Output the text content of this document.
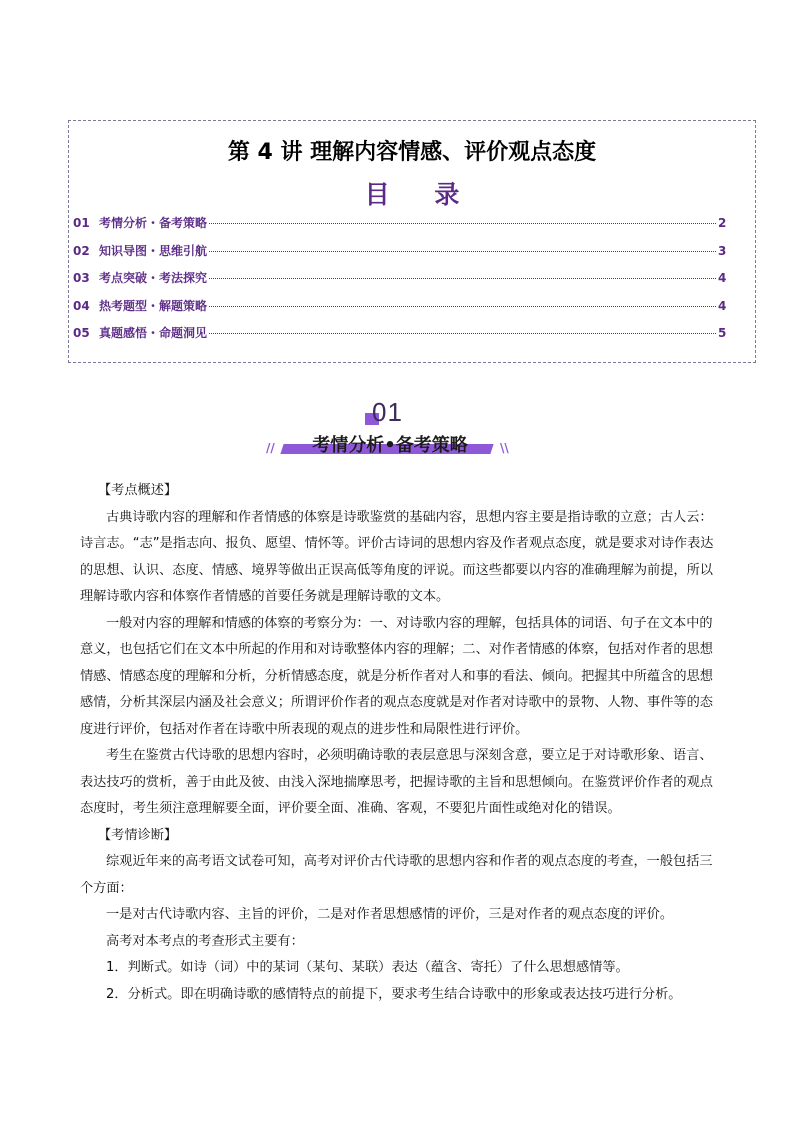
第 4 讲 理解内容情感、评价观点态度
目 录
01 考情分析・备考策略	2
02 知识导图・思维引航	3
03 考点突破・考法探究	4
04 热考题型・解题策略	4
05 真题感悟・命题洞见	5
01
//	考情分析•备考策略	\\

【考点概述】

古典诗歌内容的理解和作者情感的体察是诗歌鉴赏的基础内容，思想内容主要是指诗歌的立意；古人云：诗言志。“志”是指志向、报负、愿望、情怀等。评价古诗词的思想内容及作者观点态度，就是要求对诗作表达的思想、认识、态度、情感、境界等做出正误高低等角度的评说。而这些都要以内容的准确理解为前提，所以理解诗歌内容和体察作者情感的首要任务就是理解诗歌的文本。

一般对内容的理解和情感的体察的考察分为：一、对诗歌内容的理解，包括具体的词语、句子在文本中的意义，也包括它们在文本中所起的作用和对诗歌整体内容的理解；二、对作者情感的体察，包括对作者的思想情感、情感态度的理解和分析，分析情感态度，就是分析作者对人和事的看法、倾向。把握其中所蕴含的思想感情，分析其深层内涵及社会意义；所谓评价作者的观点态度就是对作者对诗歌中的景物、人物、事件等的态度进行评价，包括对作者在诗歌中所表现的观点的进步性和局限性进行评价。

考生在鉴赏古代诗歌的思想内容时，必须明确诗歌的表层意思与深刻含意，要立足于对诗歌形象、语言、表达技巧的赏析，善于由此及彼、由浅入深地揣摩思考，把握诗歌的主旨和思想倾向。在鉴赏评价作者的观点态度时，考生须注意理解要全面，评价要全面、准确、客观，不要犯片面性或绝对化的错误。

【考情诊断】

综观近年来的高考语文试卷可知，高考对评价古代诗歌的思想内容和作者的观点态度的考查，一般包括三个方面：

一是对古代诗歌内容、主旨的评价，二是对作者思想感情的评价，三是对作者的观点态度的评价。

高考对本考点的考查形式主要有：

1．判断式。如诗（词）中的某词（某句、某联）表达（蕴含、寄托）了什么思想感情等。

2．分析式。即在明确诗歌的感情特点的前提下，要求考生结合诗歌中的形象或表达技巧进行分析。
